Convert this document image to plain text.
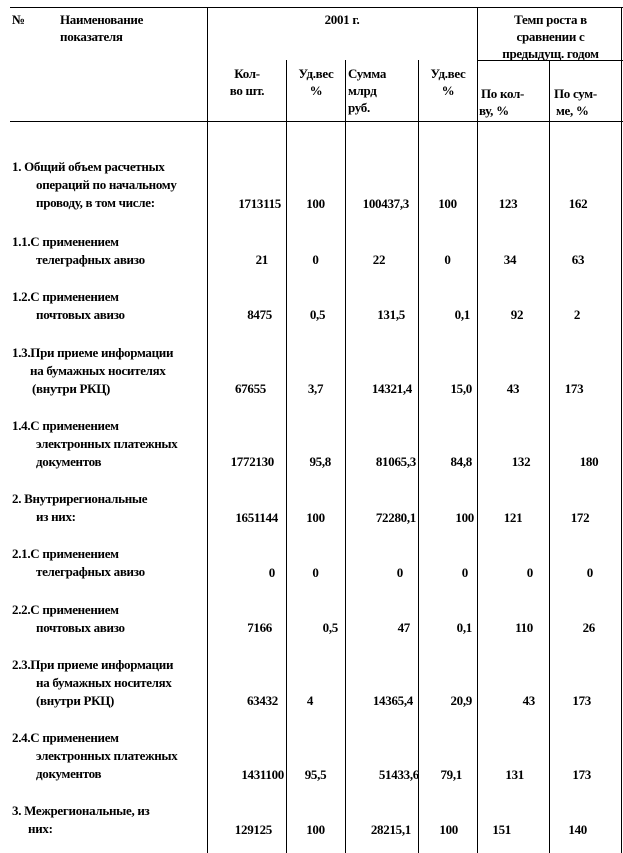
№	Наименование
показателя
2001 г.	Темп роста в
сравнении с
предыдущ. годом
Кол-
во шт.
Уд.вес
%
Сумма
млрд
руб.
Уд.вес
%	По кол-
ву, %
По сум-
ме, %
1. Общий объем расчетных
операций по начальному
проводу, в том числе:	1713115	100	100437,3	100	123	162
1.1.С применением
телеграфных авизо	21	0	22	0	34	63
1.2.С применением
почтовых авизо	8475	0,5	131,5	0,1	92	2
1.3.При приеме информации
на бумажных носителях
(внутри РКЦ)	67655	3,7	14321,4	15,0	43	173
1.4.С применением
электронных платежных
документов	1772130	95,8	81065,3	84,8	132	180
2. Внутрирегиональные
из них:	1651144	100	72280,1	100	121	172
2.1.С применением
телеграфных авизо	0	0	0	0	0	0
2.2.С применением
почтовых авизо	7166	0,5	47	0,1	110	26
2.3.При приеме информации
на бумажных носителях
(внутри РКЦ)	63432	4	14365,4	20,9	43	173
2.4.С применением
электронных платежных
документов	1431100	95,5	51433,6	79,1	131	173
3. Межрегиональные, из
них:	129125	100	28215,1	100	151	140
